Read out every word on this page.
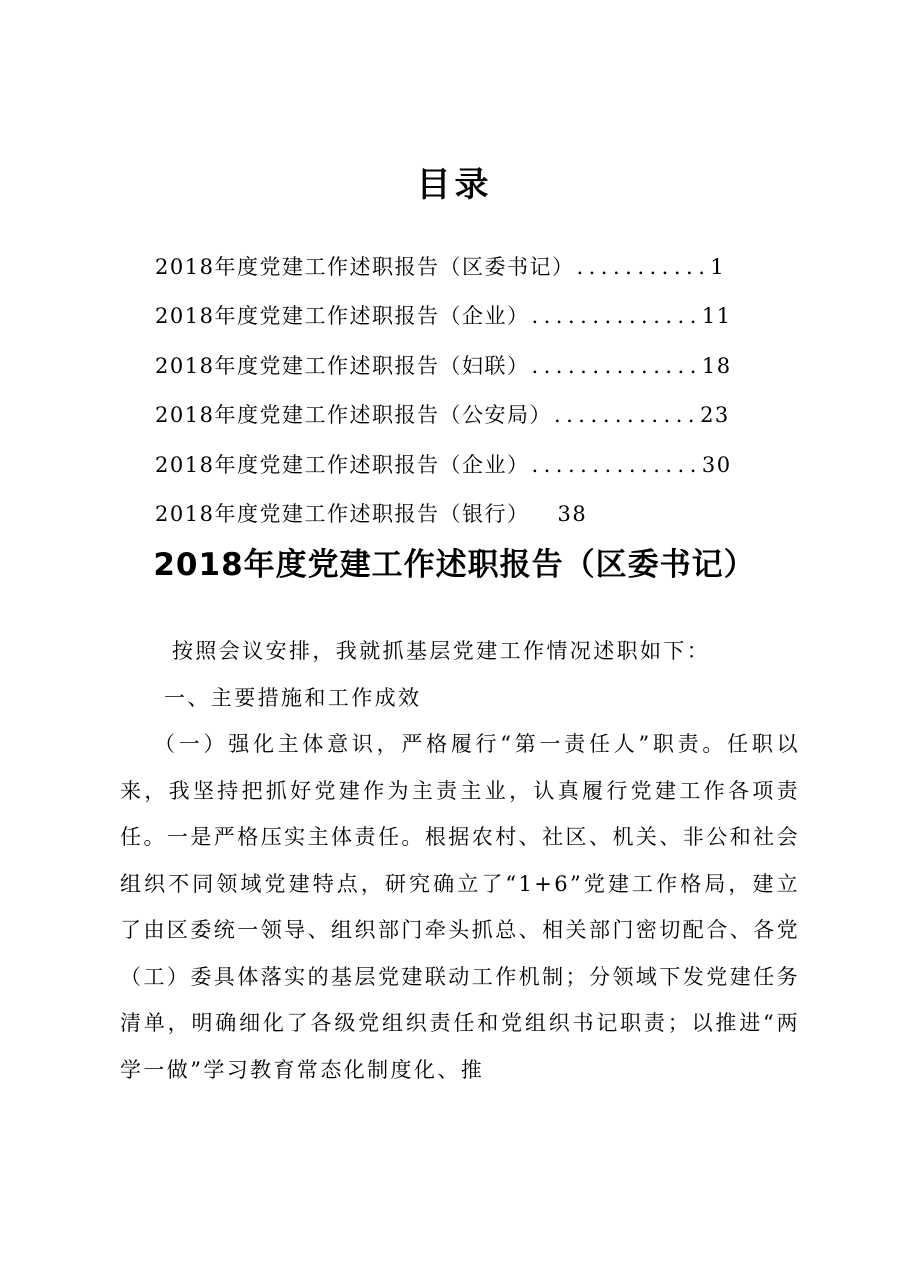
目录
2018年度党建工作述职报告（区委书记） ........... 1
2018年度党建工作述职报告（企业） .............. 11
2018年度党建工作述职报告（妇联） .............. 18
2018年度党建工作述职报告（公安局） ............ 23
2018年度党建工作述职报告（企业） .............. 30
2018年度党建工作述职报告（银行） 38
2018年度党建工作述职报告（区委书记）

按照会议安排，我就抓基层党建工作情况述职如下：

一、主要措施和工作成效

（一）强化主体意识，严格履行“第一责任人”职责。任职以来，我坚持把抓好党建作为主责主业，认真履行党建工作各项责任。一是严格压实主体责任。根据农村、社区、机关、非公和社会组织不同领域党建特点，研究确立了“1+6”党建工作格局，建立了由区委统一领导、组织部门牵头抓总、相关部门密切配合、各党（工）委具体落实的基层党建联动工作机制；分领域下发党建任务清单，明确细化了各级党组织责任和党组织书记职责；以推进“两学一做”学习教育常态化制度化、推
